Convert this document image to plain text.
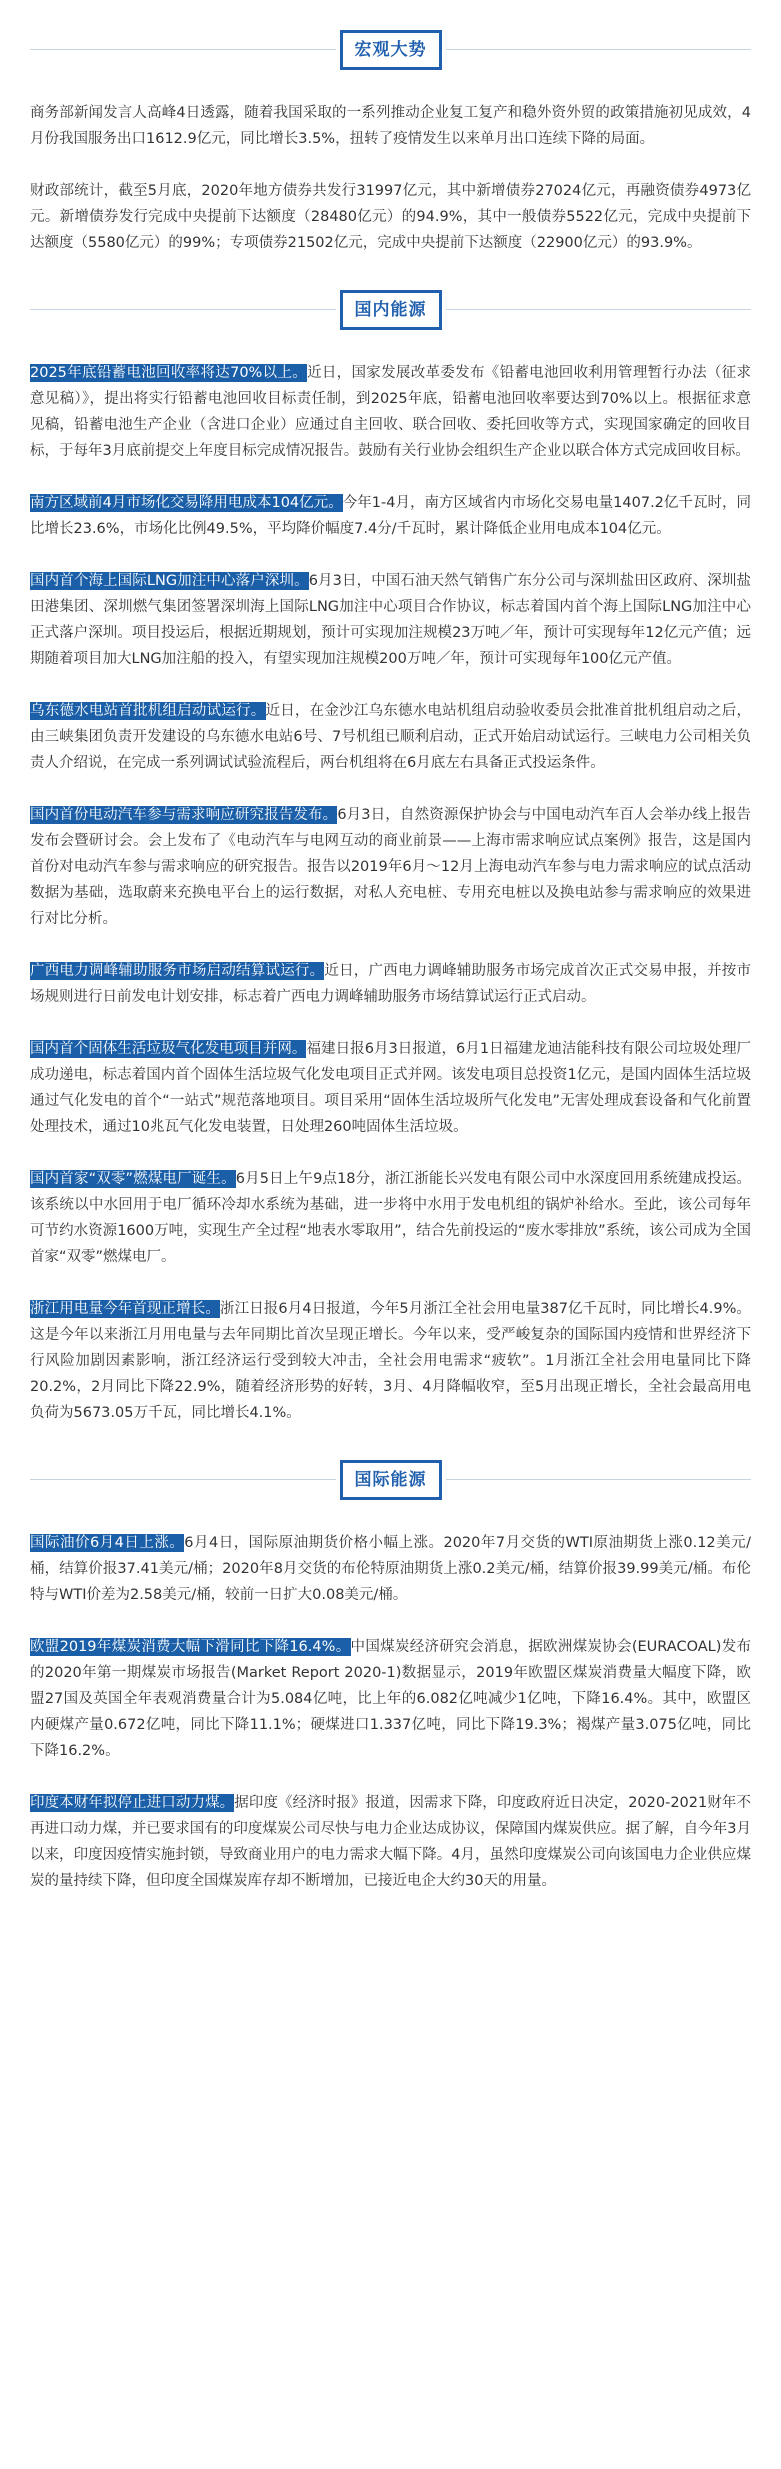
宏观大势

商务部新闻发言人高峰4日透露，随着我国采取的一系列推动企业复工复产和稳外资外贸的政策措施初见成效，4月份我国服务出口1612.9亿元，同比增长3.5%，扭转了疫情发生以来单月出口连续下降的局面。

财政部统计，截至5月底，2020年地方债券共发行31997亿元，其中新增债券27024亿元，再融资债券4973亿元。新增债券发行完成中央提前下达额度（28480亿元）的94.9%，其中一般债券5522亿元，完成中央提前下达额度（5580亿元）的99%；专项债券21502亿元，完成中央提前下达额度（22900亿元）的93.9%。

国内能源

2025年底铅蓄电池回收率将达70%以上。近日，国家发展改革委发布《铅蓄电池回收利用管理暂行办法（征求意见稿）》，提出将实行铅蓄电池回收目标责任制，到2025年底，铅蓄电池回收率要达到70%以上。根据征求意见稿，铅蓄电池生产企业（含进口企业）应通过自主回收、联合回收、委托回收等方式，实现国家确定的回收目标，于每年3月底前提交上年度目标完成情况报告。鼓励有关行业协会组织生产企业以联合体方式完成回收目标。

南方区域前4月市场化交易降用电成本104亿元。今年1-4月，南方区域省内市场化交易电量1407.2亿千瓦时，同比增长23.6%，市场化比例49.5%，平均降价幅度7.4分/千瓦时，累计降低企业用电成本104亿元。

国内首个海上国际LNG加注中心落户深圳。6月3日，中国石油天然气销售广东分公司与深圳盐田区政府、深圳盐田港集团、深圳燃气集团签署深圳海上国际LNG加注中心项目合作协议，标志着国内首个海上国际LNG加注中心正式落户深圳。项目投运后，根据近期规划，预计可实现加注规模23万吨／年，预计可实现每年12亿元产值；远期随着项目加大LNG加注船的投入，有望实现加注规模200万吨／年，预计可实现每年100亿元产值。

乌东德水电站首批机组启动试运行。近日，在金沙江乌东德水电站机组启动验收委员会批准首批机组启动之后，由三峡集团负责开发建设的乌东德水电站6号、7号机组已顺利启动，正式开始启动试运行。三峡电力公司相关负责人介绍说，在完成一系列调试试验流程后，两台机组将在6月底左右具备正式投运条件。

国内首份电动汽车参与需求响应研究报告发布。6月3日，自然资源保护协会与中国电动汽车百人会举办线上报告发布会暨研讨会。会上发布了《电动汽车与电网互动的商业前景——上海市需求响应试点案例》报告，这是国内首份对电动汽车参与需求响应的研究报告。报告以2019年6月～12月上海电动汽车参与电力需求响应的试点活动数据为基础，选取蔚来充换电平台上的运行数据，对私人充电桩、专用充电桩以及换电站参与需求响应的效果进行对比分析。

广西电力调峰辅助服务市场启动结算试运行。近日，广西电力调峰辅助服务市场完成首次正式交易申报，并按市场规则进行日前发电计划安排，标志着广西电力调峰辅助服务市场结算试运行正式启动。

国内首个固体生活垃圾气化发电项目并网。福建日报6月3日报道，6月1日福建龙迪洁能科技有限公司垃圾处理厂成功递电，标志着国内首个固体生活垃圾气化发电项目正式并网。该发电项目总投资1亿元，是国内固体生活垃圾通过气化发电的首个“一站式”规范落地项目。项目采用“固体生活垃圾所气化发电”无害处理成套设备和气化前置处理技术，通过10兆瓦气化发电装置，日处理260吨固体生活垃圾。

国内首家“双零”燃煤电厂诞生。6月5日上午9点18分，浙江浙能长兴发电有限公司中水深度回用系统建成投运。该系统以中水回用于电厂循环冷却水系统为基础，进一步将中水用于发电机组的锅炉补给水。至此，该公司每年可节约水资源1600万吨，实现生产全过程“地表水零取用”，结合先前投运的“废水零排放”系统，该公司成为全国首家“双零”燃煤电厂。

浙江用电量今年首现正增长。浙江日报6月4日报道，今年5月浙江全社会用电量387亿千瓦时，同比增长4.9%。这是今年以来浙江月用电量与去年同期比首次呈现正增长。今年以来，受严峻复杂的国际国内疫情和世界经济下行风险加剧因素影响，浙江经济运行受到较大冲击，全社会用电需求“疲软”。1月浙江全社会用电量同比下降20.2%，2月同比下降22.9%，随着经济形势的好转，3月、4月降幅收窄，至5月出现正增长，全社会最高用电负荷为5673.05万千瓦，同比增长4.1%。

国际能源

国际油价6月4日上涨。6月4日，国际原油期货价格小幅上涨。2020年7月交货的WTI原油期货上涨0.12美元/桶，结算价报37.41美元/桶；2020年8月交货的布伦特原油期货上涨0.2美元/桶，结算价报39.99美元/桶。布伦特与WTI价差为2.58美元/桶，较前一日扩大0.08美元/桶。

欧盟2019年煤炭消费大幅下滑同比下降16.4%。中国煤炭经济研究会消息，据欧洲煤炭协会(EURACOAL)发布的2020年第一期煤炭市场报告(Market Report 2020-1)数据显示，2019年欧盟区煤炭消费量大幅度下降，欧盟27国及英国全年表观消费量合计为5.084亿吨，比上年的6.082亿吨减少1亿吨，下降16.4%。其中，欧盟区内硬煤产量0.672亿吨，同比下降11.1%；硬煤进口1.337亿吨，同比下降19.3%；褐煤产量3.075亿吨，同比下降16.2%。

印度本财年拟停止进口动力煤。据印度《经济时报》报道，因需求下降，印度政府近日决定，2020-2021财年不再进口动力煤，并已要求国有的印度煤炭公司尽快与电力企业达成协议，保障国内煤炭供应。据了解，自今年3月以来，印度因疫情实施封锁，导致商业用户的电力需求大幅下降。4月，虽然印度煤炭公司向该国电力企业供应煤炭的量持续下降，但印度全国煤炭库存却不断增加，已接近电企大约30天的用量。
